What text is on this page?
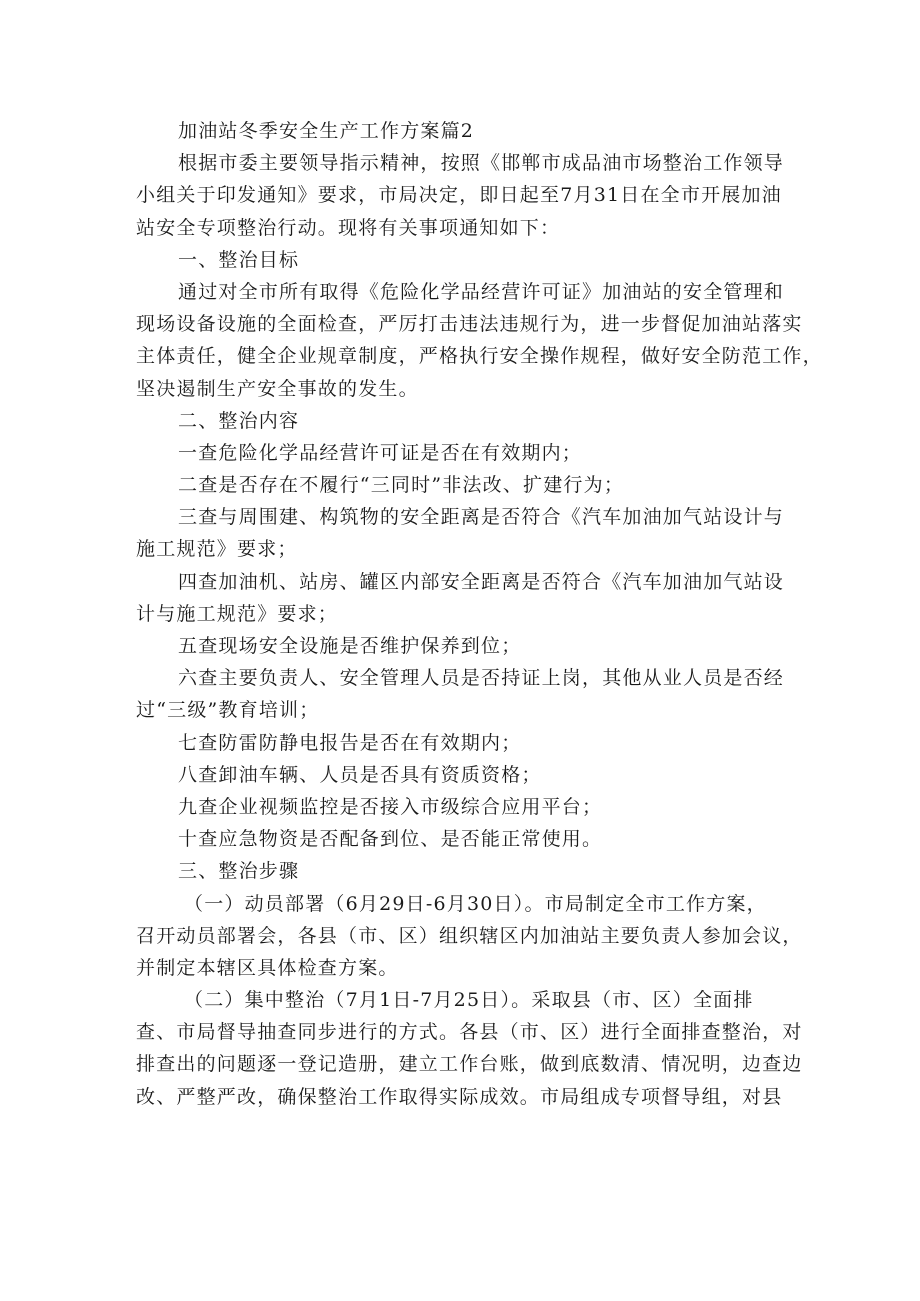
加油站冬季安全生产工作方案篇2
根据市委主要领导指示精神，按照《邯郸市成品油市场整治工作领导
小组关于印发通知》要求，市局决定，即日起至7月31日在全市开展加油
站安全专项整治行动。现将有关事项通知如下：
一、整治目标
通过对全市所有取得《危险化学品经营许可证》加油站的安全管理和
现场设备设施的全面检查，严厉打击违法违规行为，进一步督促加油站落实
主体责任，健全企业规章制度，严格执行安全操作规程，做好安全防范工作，
坚决遏制生产安全事故的发生。
二、整治内容
一查危险化学品经营许可证是否在有效期内；
二查是否存在不履行“三同时”非法改、扩建行为；
三查与周围建、构筑物的安全距离是否符合《汽车加油加气站设计与
施工规范》要求；
四查加油机、站房、罐区内部安全距离是否符合《汽车加油加气站设
计与施工规范》要求；
五查现场安全设施是否维护保养到位；
六查主要负责人、安全管理人员是否持证上岗，其他从业人员是否经
过“三级”教育培训；
七查防雷防静电报告是否在有效期内；
八查卸油车辆、人员是否具有资质资格；
九查企业视频监控是否接入市级综合应用平台；
十查应急物资是否配备到位、是否能正常使用。
三、整治步骤
（一）动员部署（6月29日-6月30日）。市局制定全市工作方案，
召开动员部署会，各县（市、区）组织辖区内加油站主要负责人参加会议，
并制定本辖区具体检查方案。
（二）集中整治（7月1日-7月25日）。采取县（市、区）全面排
查、市局督导抽查同步进行的方式。各县（市、区）进行全面排查整治，对
排查出的问题逐一登记造册，建立工作台账，做到底数清、情况明，边查边
改、严整严改，确保整治工作取得实际成效。市局组成专项督导组，对县
